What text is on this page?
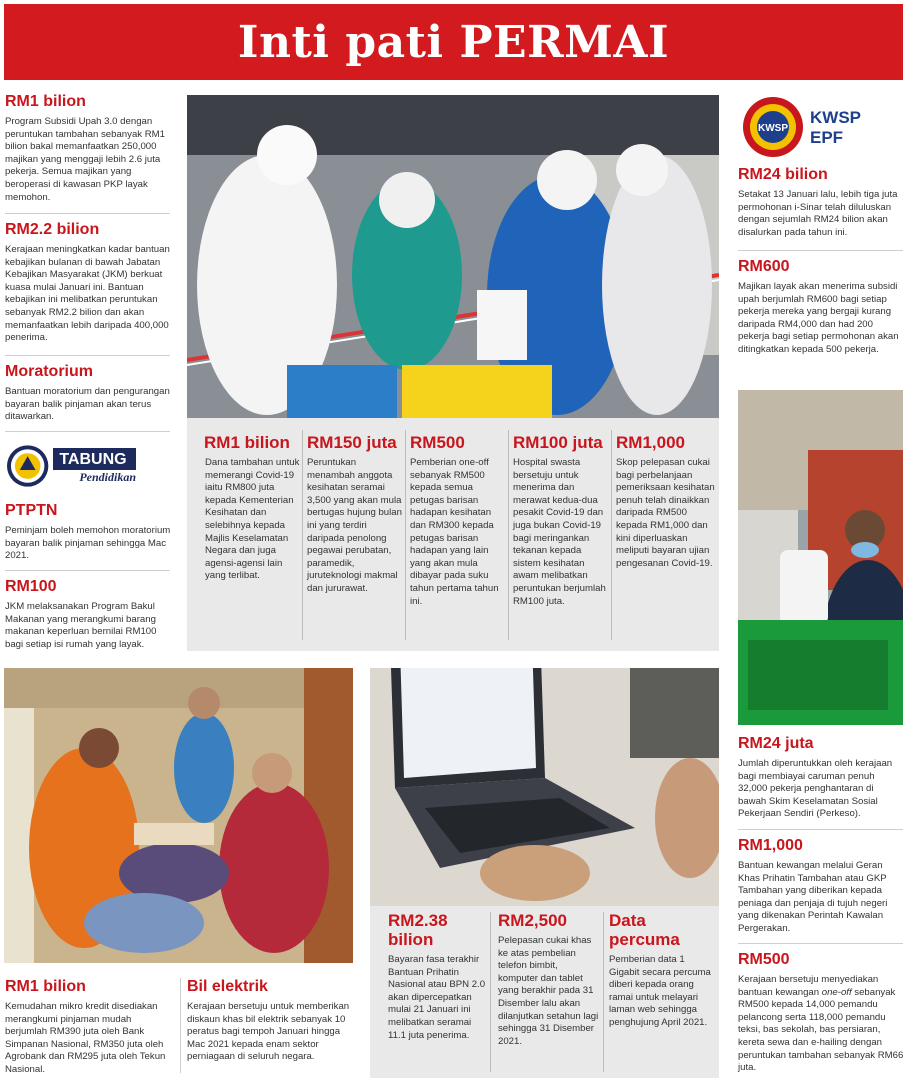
Inti pati PERMAI
RM1 bilion
Program Subsidi Upah 3.0 dengan peruntukan tambahan sebanyak RM1 bilion bakal memanfaatkan 250,000 majikan yang menggaji lebih 2.6 juta pekerja. Semua majikan yang beroperasi di kawasan PKP layak memohon.
RM2.2 bilion
Kerajaan meningkatkan kadar bantuan kebajikan bulanan di bawah Jabatan Kebajikan Masyarakat (JKM) berkuat kuasa mulai Januari ini. Bantuan kebajikan ini melibatkan peruntukan sebanyak RM2.2 bilion dan akan memanfaatkan lebih daripada 400,000 penerima.
Moratorium
Bantuan moratorium dan pengurangan bayaran balik pinjaman akan terus ditawarkan.
TABUNG
Pendidikan
PTPTN
Peminjam boleh memohon moratorium bayaran balik pinjaman sehingga Mac 2021.
RM100
JKM melaksanakan Program Bakul Makanan yang merangkumi barang makanan keperluan bernilai RM100 bagi setiap isi rumah yang layak.
RM1 bilion
Dana tambahan untuk memerangi Covid-19 iaitu RM800 juta kepada Kementerian Kesihatan dan selebihnya kepada Majlis Keselamatan Negara dan juga agensi-agensi lain yang terlibat.
RM150 juta
Peruntukan menambah anggota kesihatan seramai 3,500 yang akan mula bertugas hujung bulan ini yang terdiri daripada penolong pegawai perubatan, paramedik, juruteknologi makmal dan jururawat.
RM500
Pemberian one-off sebanyak RM500 kepada semua petugas barisan hadapan kesihatan dan RM300 kepada petugas barisan hadapan yang lain yang akan mula dibayar pada suku tahun pertama tahun ini.
RM100 juta
Hospital swasta bersetuju untuk menerima dan merawat kedua-dua pesakit Covid-19 dan juga bukan Covid-19 bagi meringankan tekanan kepada sistem kesihatan awam melibatkan peruntukan berjumlah RM100 juta.
RM1,000
Skop pelepasan cukai bagi perbelanjaan pemeriksaan kesihatan penuh telah dinaikkan daripada RM500 kepada RM1,000 dan kini diperluaskan meliputi bayaran ujian pengesanan Covid-19.
KWSP
KWSP
EPF
RM24 bilion
Setakat 13 Januari lalu, lebih tiga juta permohonan i-Sinar telah diluluskan dengan sejumlah RM24 bilion akan disalurkan pada tahun ini.
RM600
Majikan layak akan menerima subsidi upah berjumlah RM600 bagi setiap pekerja mereka yang bergaji kurang daripada RM4,000 dan had 200 pekerja bagi setiap permohonan akan ditingkatkan kepada 500 pekerja.
RM24 juta
Jumlah diperuntukkan oleh kerajaan bagi membiayai caruman penuh 32,000 pekerja penghantaran di bawah Skim Keselamatan Sosial Pekerjaan Sendiri (Perkeso).
RM1,000
Bantuan kewangan melalui Geran Khas Prihatin Tambahan atau GKP Tambahan yang diberikan kepada peniaga dan penjaja di tujuh negeri yang dikenakan Perintah Kawalan Pergerakan.
RM500
Kerajaan bersetuju menyediakan bantuan kewangan one-off sebanyak RM500 kepada 14,000 pemandu pelancong serta 118,000 pemandu teksi, bas sekolah, bas persiaran, kereta sewa dan e-hailing dengan peruntukan tambahan sebanyak RM66 juta.
RM1 bilion
Kemudahan mikro kredit disediakan merangkumi pinjaman mudah berjumlah RM390 juta oleh Bank Simpanan Nasional, RM350 juta oleh Agrobank dan RM295 juta oleh Tekun Nasional.
Bil elektrik
Kerajaan bersetuju untuk memberikan diskaun khas bil elektrik sebanyak 10 peratus bagi tempoh Januari hingga Mac 2021 kepada enam sektor perniagaan di seluruh negara.
RM2.38 bilion
Bayaran fasa terakhir Bantuan Prihatin Nasional atau BPN 2.0 akan dipercepatkan mulai 21 Januari ini melibatkan seramai 11.1 juta penerima.
RM2,500
Pelepasan cukai khas ke atas pembelian telefon bimbit, komputer dan tablet yang berakhir pada 31 Disember lalu akan dilanjutkan setahun lagi sehingga 31 Disember 2021.
Data percuma
Pemberian data 1 Gigabit secara percuma diberi kepada orang ramai untuk melayari laman web sehingga penghujung April 2021.
